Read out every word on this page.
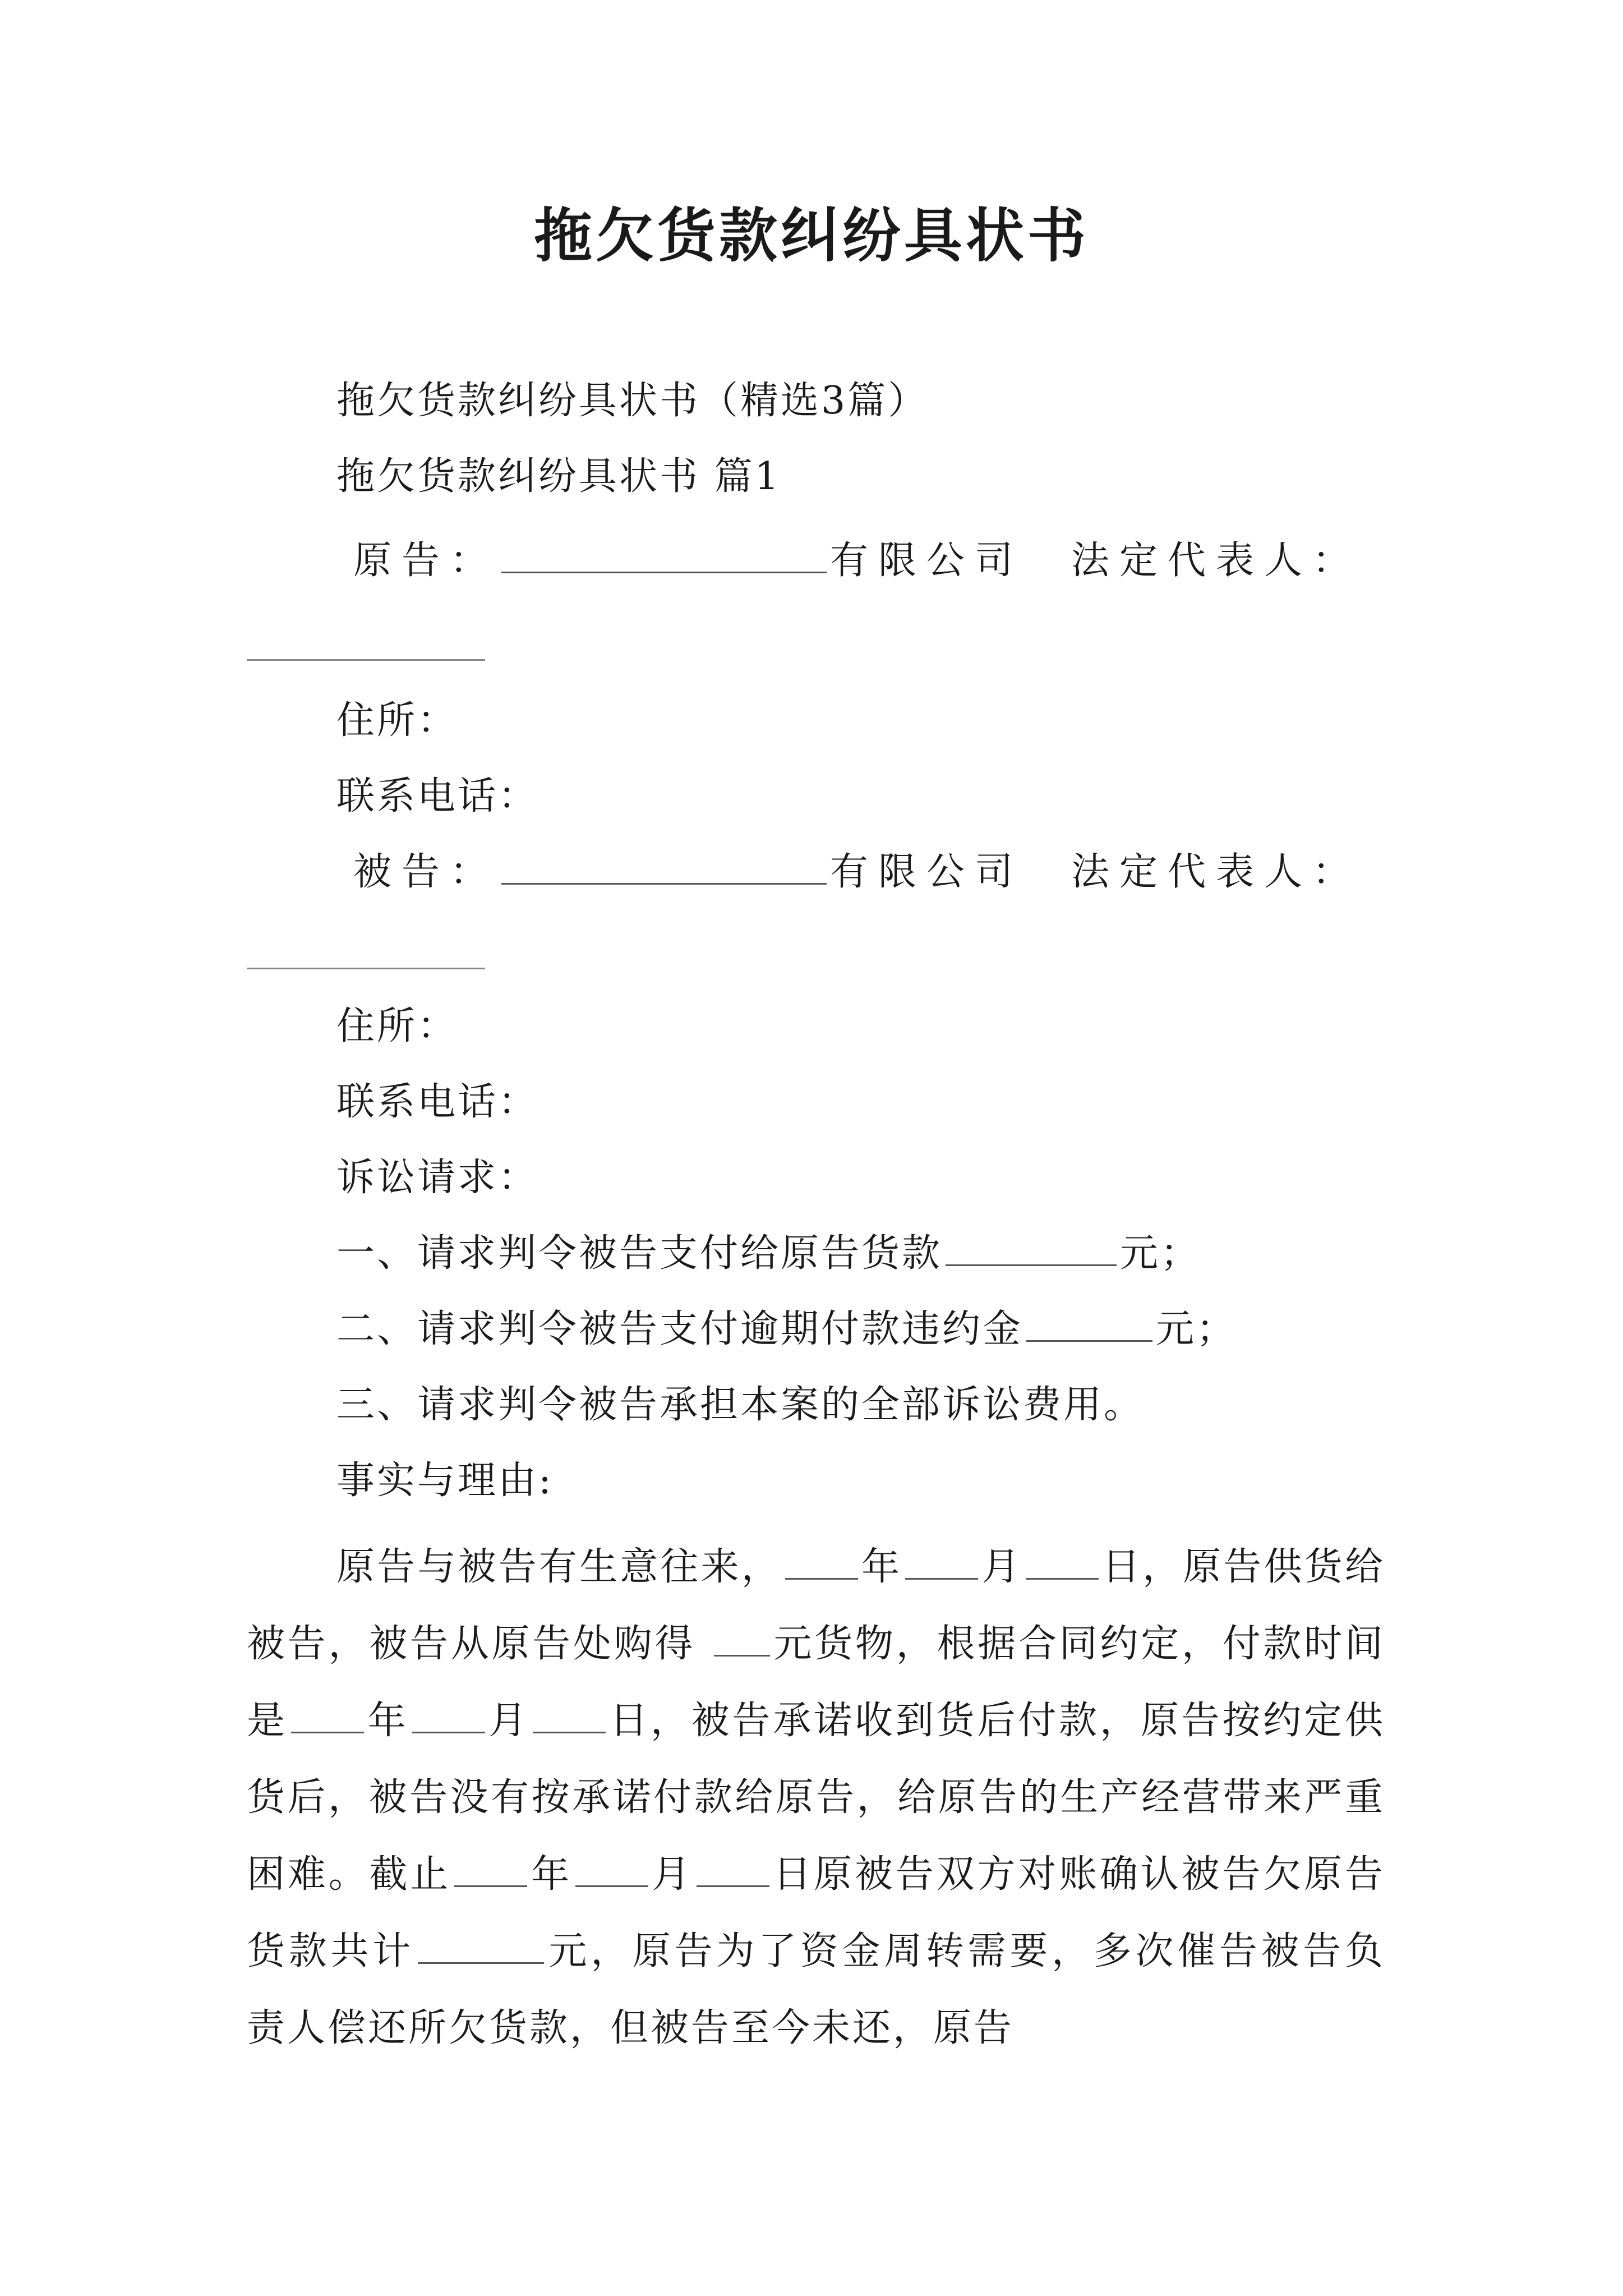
拖欠货款纠纷具状书
拖欠货款纠纷具状书（精选3篇）
拖欠货款纠纷具状书 篇1
原告：	有限公司  法定代表人：
住所：
联系电话：
被告：	有限公司  法定代表人：
住所：
联系电话：
诉讼请求：
一、请求判令被告支付给原告货款	元；
二、请求判令被告支付逾期付款违约金	元；
三、请求判令被告承担本案的全部诉讼费用。
事实与理由:
原告与被告有生意往来， 年 月 日，原告供货给被告，被告从原告处购得 元货物，根据合同约定，付款时间是 年 月 日，被告承诺收到货后付款，原告按约定供货后，被告没有按承诺付款给原告，给原告的生产经营带来严重困难。截止 年 月 日原被告双方对账确认被告欠原告货款共计	元，原告为了资金周转需要，多次催告被告负责人偿还所欠货款，但被告至今未还，原告
